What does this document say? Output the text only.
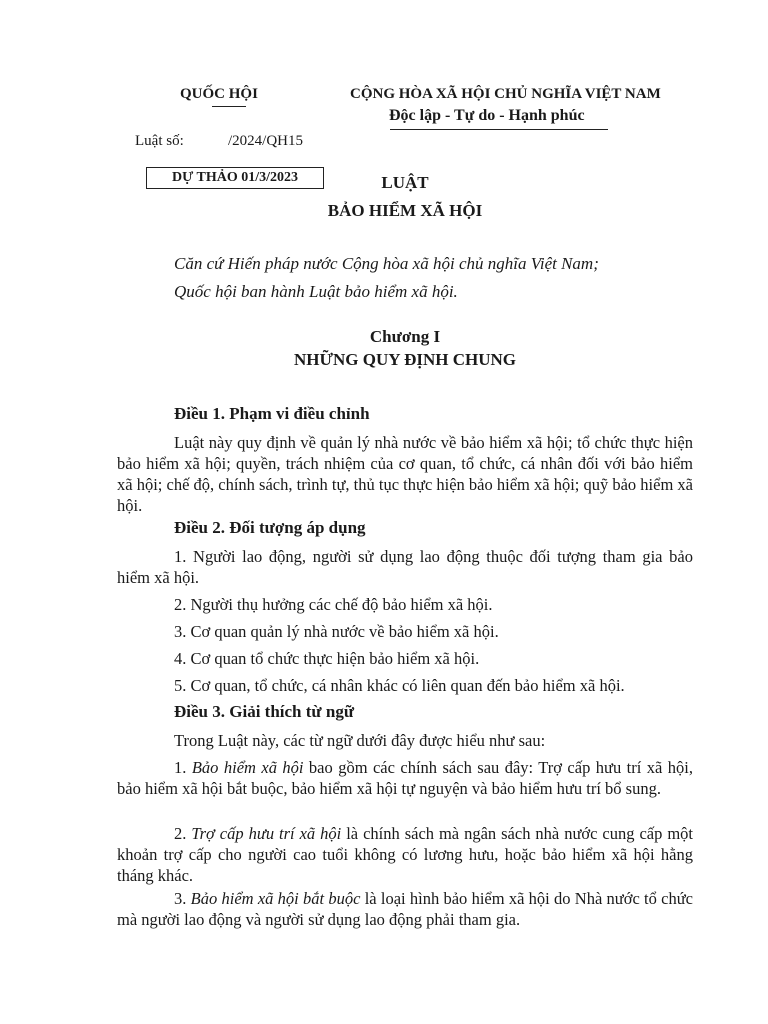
QUỐC HỘI	CỘNG HÒA XÃ HỘI CHỦ NGHĨA VIỆT NAM
Độc lập - Tự do - Hạnh phúc
Luật số:	/2024/QH15
DỰ THẢO 01/3/2023	LUẬT
BẢO HIỂM XÃ HỘI
Căn cứ Hiến pháp nước Cộng hòa xã hội chủ nghĩa Việt Nam;
Quốc hội ban hành Luật bảo hiểm xã hội.
Chương I
NHỮNG QUY ĐỊNH CHUNG
Điều 1. Phạm vi điều chỉnh
Luật này quy định về quản lý nhà nước về bảo hiểm xã hội; tổ chức thực hiện bảo hiểm xã hội; quyền, trách nhiệm của cơ quan, tổ chức, cá nhân đối với bảo hiểm xã hội; chế độ, chính sách, trình tự, thủ tục thực hiện bảo hiểm xã hội; quỹ bảo hiểm xã hội.
Điều 2. Đối tượng áp dụng
1. Người lao động, người sử dụng lao động thuộc đối tượng tham gia bảo hiểm xã hội.
2. Người thụ hưởng các chế độ bảo hiểm xã hội.
3. Cơ quan quản lý nhà nước về bảo hiểm xã hội.
4. Cơ quan tổ chức thực hiện bảo hiểm xã hội.
5. Cơ quan, tổ chức, cá nhân khác có liên quan đến bảo hiểm xã hội.
Điều 3. Giải thích từ ngữ
Trong Luật này, các từ ngữ dưới đây được hiểu như sau:
1. Bảo hiểm xã hội bao gồm các chính sách sau đây: Trợ cấp hưu trí xã hội, bảo hiểm xã hội bắt buộc, bảo hiểm xã hội tự nguyện và bảo hiểm hưu trí bổ sung.
2. Trợ cấp hưu trí xã hội là chính sách mà ngân sách nhà nước cung cấp một khoản trợ cấp cho người cao tuổi không có lương hưu, hoặc bảo hiểm xã hội hằng tháng khác.
3. Bảo hiểm xã hội bắt buộc là loại hình bảo hiểm xã hội do Nhà nước tổ chức mà người lao động và người sử dụng lao động phải tham gia.
